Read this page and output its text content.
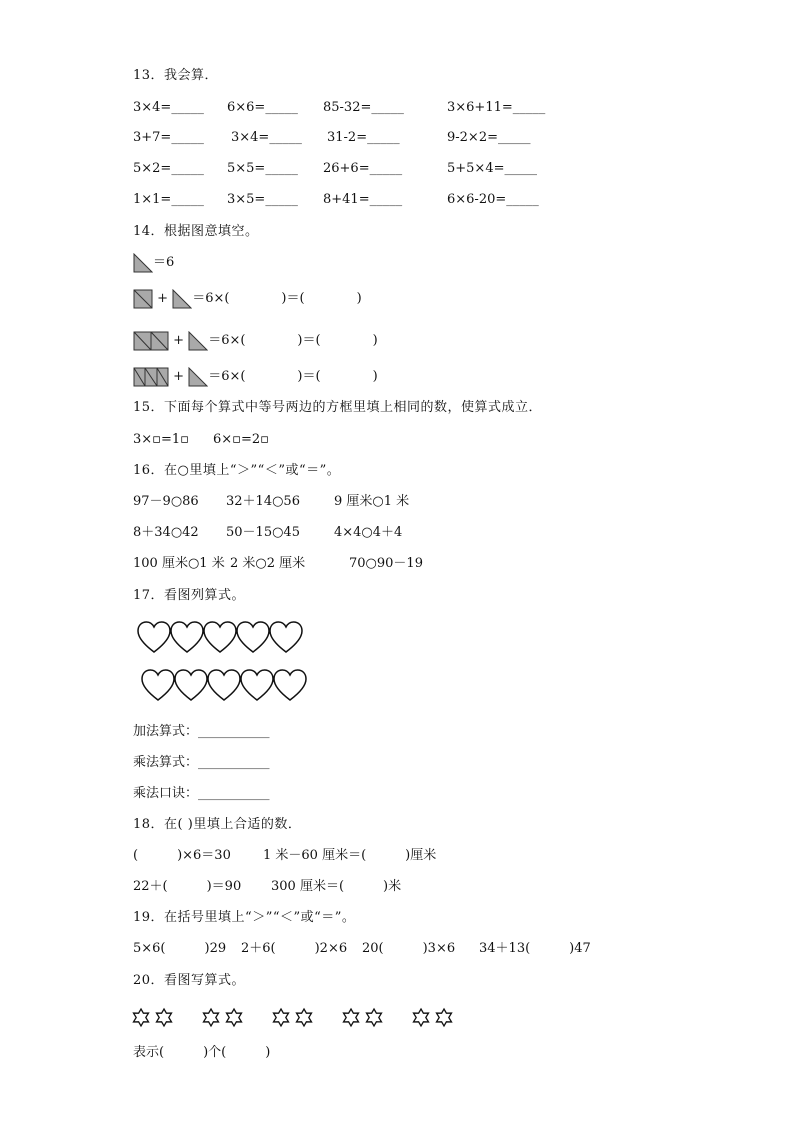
13．我会算．
3×4=_____ 6×6=_____ 85-32=_____	3×6+11=_____
3+7=_____ 3×4=_____ 31-2=_____	9-2×2=_____
5×2=_____ 5×5=_____ 26+6=_____	5+5×4=_____
1×1=_____ 3×5=_____ 8+41=_____	6×6-20=_____
14．根据图意填空。
＝6
+ ＝6×(　　　　)＝(　　　　)
+ ＝6×(　　　　)＝(　　　　)
+ ＝6×(　　　　)＝(　　　　)
15．下面每个算式中等号两边的方框里填上相同的数，使算式成立．
3×▫=1▫ 6×▫=2▫
16．在○里填上“＞”“＜”或“＝”。
97－9○86 32＋14○56	9 厘米○1 米
8＋34○42 50－15○45	4×4○4＋4
100 厘米○1 米 2 米○2 厘米	70○90－19
17．看图列算式。
加法算式：___________
乘法算式：___________
乘法口诀：___________
18．在( )里填上合适的数．
(　　　)×6＝30 1 米－60 厘米＝(　　　)厘米
22＋(　　　)＝90 300 厘米＝(　　　)米
19．在括号里填上“＞”“＜”或“＝”。
5×6(　　　)29 2＋6(　　　)2×6 20(　　　)3×6 34＋13(　　　)47
20．看图写算式。
表示(　　　)个(　　　)
